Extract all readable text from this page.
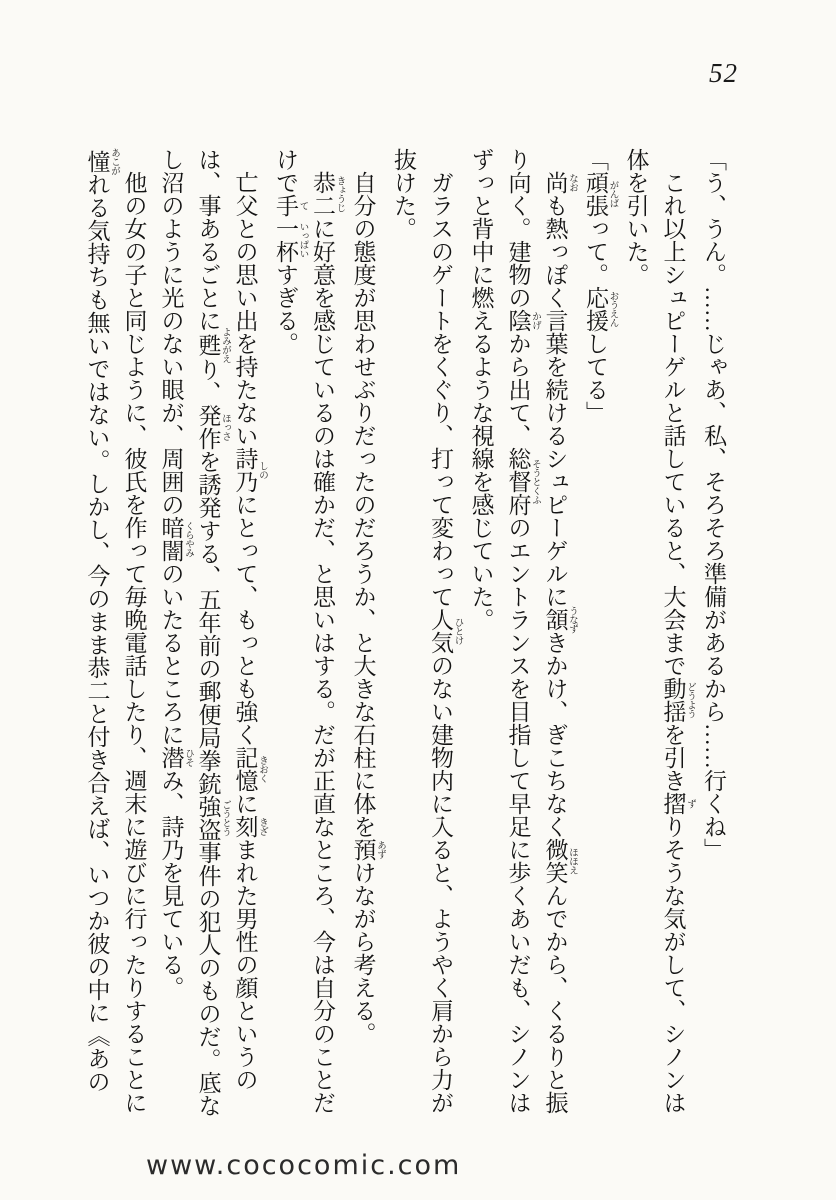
52

「う、うん。……じゃあ、私、そろそろ準備があるから……行くね」

これ以上シュピーゲルと話していると、大会まで動揺 どうようを引き摺 ずりそうな気がして、シノンは体を引いた。

「頑張 がんばって。応援 おうえんしてる」

尚 なおも熱っぽく言葉を続けるシュピーゲルに頷 うなずきかけ、ぎこちなく微笑 ほほえんでから、くるりと振り向く。建物の陰 かげから出て、総督府 そうとくふのエントランスを目指して早足に歩くあいだも、シノンはずっと背中に燃えるような視線を感じていた。

ガラスのゲートをくぐり、打って変わって人気 ひとけのない建物内に入ると、ようやく肩から力が抜けた。

自分の態度が思わせぶりだったのだろうか、と大きな石柱に体を預 あずけながら考える。

恭二 きょうじに好意を感じているのは確かだ、と思いはする。だが正直なところ、今は自分のことだけで手 て一杯 いっぱいすぎる。

亡父との思い出を持たない詩乃 しのにとって、もっとも強く記憶 きおくに刻 きざまれた男性の顔というのは、事あるごとに甦 よみがえり、発作 ほっさを誘発する、五年前の郵便局拳銃強盗 ごうとう事件の犯人のものだ。底なし沼のように光のない眼が、周囲の暗闇 くらやみのいたるところに潜 ひそみ、詩乃を見ている。

他の女の子と同じように、彼氏を作って毎晩電話したり、週末に遊びに行ったりすることに憧 あこがれる気持ちも無いではない。しかし、今のまま恭二と付き合えば、いつか彼の中に《あの

www.cococomic.com
